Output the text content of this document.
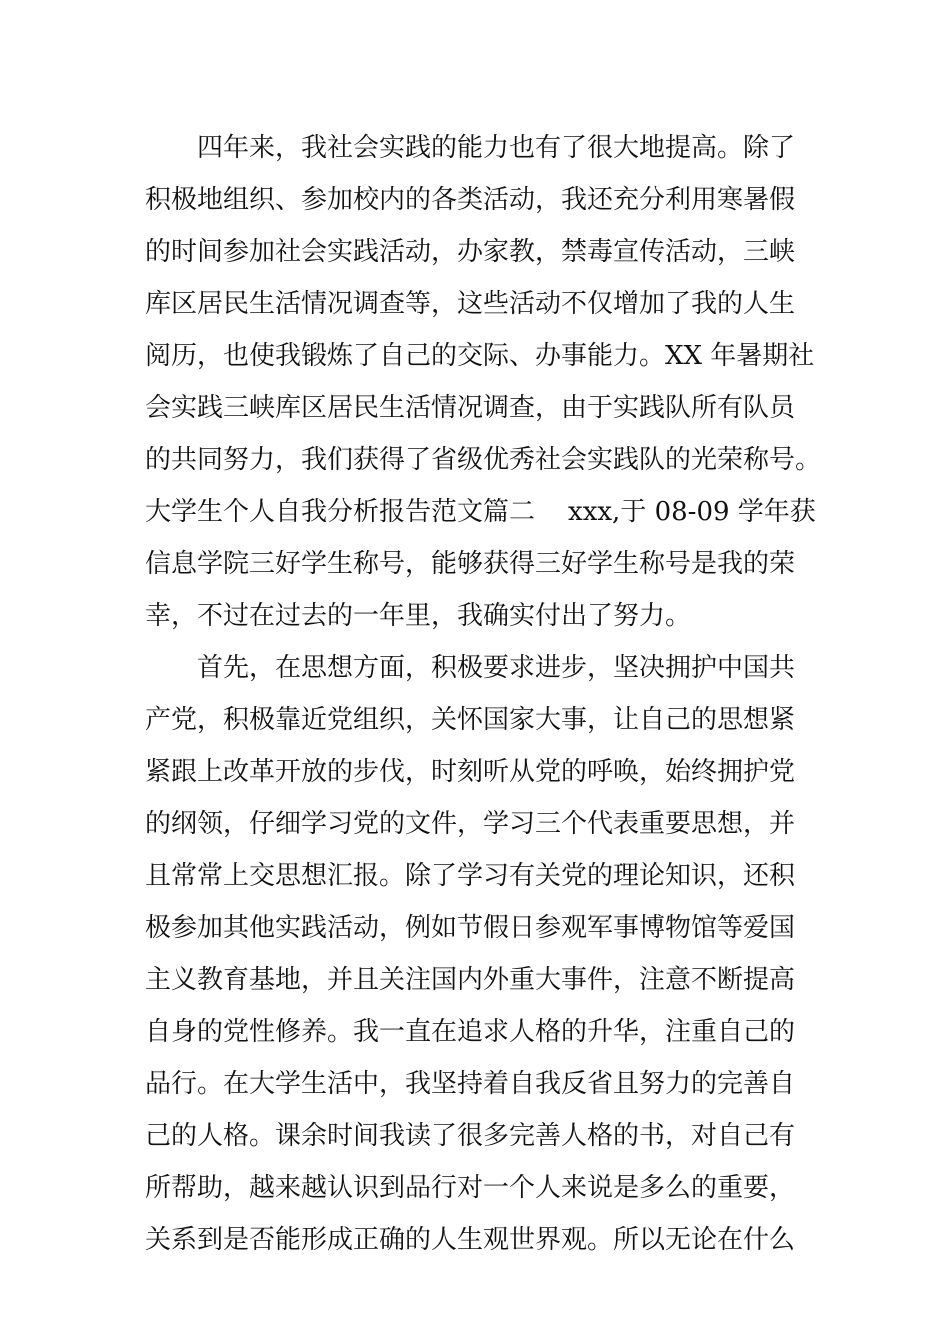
四年来，我社会实践的能力也有了很大地提高。除了
积极地组织、参加校内的各类活动，我还充分利用寒暑假
的时间参加社会实践活动，办家教，禁毒宣传活动，三峡
库区居民生活情况调查等，这些活动不仅增加了我的人生
阅历，也使我锻炼了自己的交际、办事能力。XX 年暑期社
会实践三峡库区居民生活情况调查，由于实践队所有队员
的共同努力，我们获得了省级优秀社会实践队的光荣称号。
大学生个人自我分析报告范文篇二    xxx,于 08-09 学年获
信息学院三好学生称号，能够获得三好学生称号是我的荣
幸，不过在过去的一年里，我确实付出了努力。
首先，在思想方面，积极要求进步，坚决拥护中国共
产党，积极靠近党组织，关怀国家大事，让自己的思想紧
紧跟上改革开放的步伐，时刻听从党的呼唤，始终拥护党
的纲领，仔细学习党的文件，学习三个代表重要思想，并
且常常上交思想汇报。除了学习有关党的理论知识，还积
极参加其他实践活动，例如节假日参观军事博物馆等爱国
主义教育基地，并且关注国内外重大事件，注意不断提高
自身的党性修养。我一直在追求人格的升华，注重自己的
品行。在大学生活中，我坚持着自我反省且努力的完善自
己的人格。课余时间我读了很多完善人格的书，对自己有
所帮助，越来越认识到品行对一个人来说是多么的重要，
关系到是否能形成正确的人生观世界观。所以无论在什么
